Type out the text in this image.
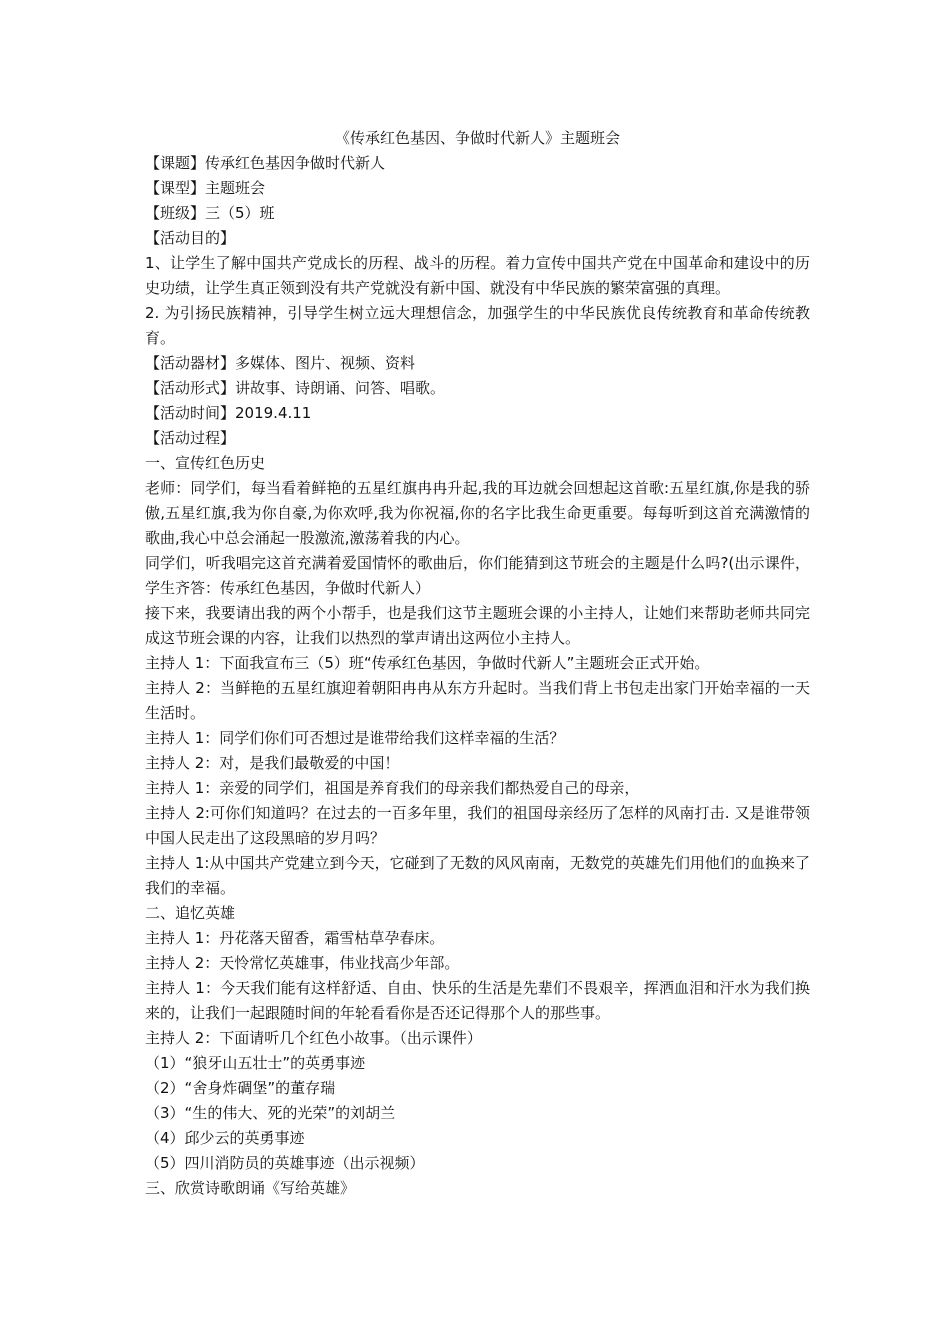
《传承红色基因、争做时代新人》主题班会

【课题】传承红色基因争做时代新人

【课型】主题班会

【班级】三（5）班

【活动目的】

1、让学生了解中国共产党成长的历程、战斗的历程。着力宣传中国共产党在中国革命和建设中的历史功绩，让学生真正领到没有共产党就没有新中国、就没有中华民族的繁荣富强的真理。

2. 为引扬民族精神，引导学生树立远大理想信念，加强学生的中华民族优良传统教育和革命传统教育。

【活动器材】多媒体、图片、视频、资料

【活动形式】讲故事、诗朗诵、问答、唱歌。

【活动时间】2019.4.11

【活动过程】

一、宣传红色历史

老师：同学们，每当看着鲜艳的五星红旗冉冉升起,我的耳边就会回想起这首歌:五星红旗,你是我的骄傲,五星红旗,我为你自豪,为你欢呼,我为你祝福,你的名字比我生命更重要。每每听到这首充满激情的歌曲,我心中总会涌起一股激流,激荡着我的内心。

同学们，听我唱完这首充满着爱国情怀的歌曲后，你们能猜到这节班会的主题是什么吗?(出示课件，学生齐答：传承红色基因，争做时代新人）

接下来，我要请出我的两个小帮手，也是我们这节主题班会课的小主持人，让她们来帮助老师共同完成这节班会课的内容，让我们以热烈的掌声请出这两位小主持人。

主持人 1：下面我宣布三（5）班“传承红色基因，争做时代新人”主题班会正式开始。

主持人 2：当鲜艳的五星红旗迎着朝阳冉冉从东方升起时。当我们背上书包走出家门开始幸福的一天生活时。

主持人 1：同学们你们可否想过是谁带给我们这样幸福的生活？

主持人 2：对，是我们最敬爱的中国！

主持人 1：亲爱的同学们，祖国是养育我们的母亲我们都热爱自己的母亲，

主持人 2:可你们知道吗？在过去的一百多年里，我们的祖国母亲经历了怎样的风南打击. 又是谁带领中国人民走出了这段黑暗的岁月吗？

主持人 1:从中国共产党建立到今天，它碰到了无数的风风南南，无数党的英雄先们用他们的血换来了我们的幸福。

二、追忆英雄

主持人 1：丹花落天留香，霜雪枯草孕春床。

主持人 2：天怜常忆英雄事，伟业找高少年部。

主持人 1：今天我们能有这样舒适、自由、快乐的生活是先辈们不畏艰辛，挥洒血泪和汗水为我们换来的，让我们一起跟随时间的年轮看看你是否还记得那个人的那些事。

主持人 2：下面请听几个红色小故事。（出示课件）

（1）“狼牙山五壮士”的英勇事迹

（2）“舍身炸碉堡”的董存瑞

（3）“生的伟大、死的光荣”的刘胡兰

（4）邱少云的英勇事迹

（5）四川消防员的英雄事迹（出示视频）

三、欣赏诗歌朗诵《写给英雄》
